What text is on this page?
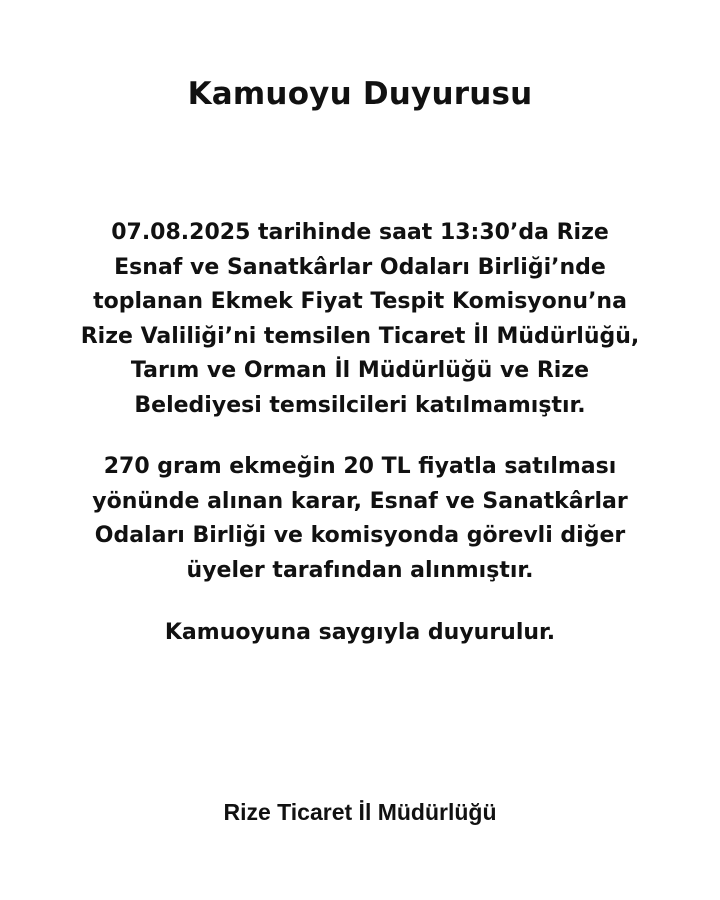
Kamuoyu Duyurusu

07.08.2025 tarihinde saat 13:30’da Rize
Esnaf ve Sanatkârlar Odaları Birliği’nde
toplanan Ekmek Fiyat Tespit Komisyonu’na
Rize Valiliği’ni temsilen Ticaret İl Müdürlüğü,
Tarım ve Orman İl Müdürlüğü ve Rize
Belediyesi temsilcileri katılmamıştır.

270 gram ekmeğin 20 TL fiyatla satılması
yönünde alınan karar, Esnaf ve Sanatkârlar
Odaları Birliği ve komisyonda görevli diğer
üyeler tarafından alınmıştır.

Kamuoyuna saygıyla duyurulur.

Rize Ticaret İl Müdürlüğü
